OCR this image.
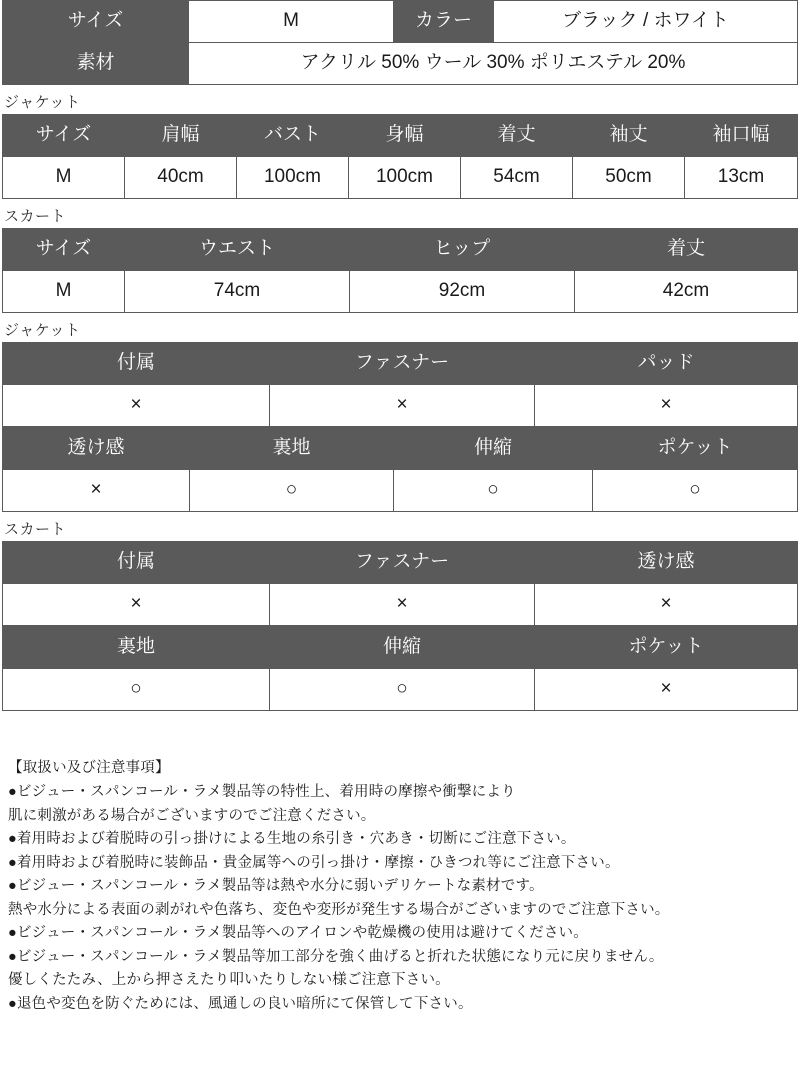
サイズ	M	カラー	ブラック / ホワイト
素材	アクリル 50% ウール 30% ポリエステル 20%		
ジャケット
サイズ	肩幅	バスト	身幅	着丈	袖丈	袖口幅
M	40cm	100cm	100cm	54cm	50cm	13cm
スカート
サイズ	ウエスト	ヒップ	着丈
M	74cm	92cm	42cm
ジャケット
付属	ファスナー	パッド
×	×	×
透け感	裏地	伸縮	ポケット
×	○	○	○
スカート
付属	ファスナー	透け感
×	×	×
裏地	伸縮	ポケット
○	○	×
【取扱い及び注意事項】
●ビジュー・スパンコール・ラメ製品等の特性上、着用時の摩擦や衝撃により
肌に刺激がある場合がございますのでご注意ください。
●着用時および着脱時の引っ掛けによる生地の糸引き・穴あき・切断にご注意下さい。
●着用時および着脱時に装飾品・貴金属等への引っ掛け・摩擦・ひきつれ等にご注意下さい。
●ビジュー・スパンコール・ラメ製品等は熱や水分に弱いデリケートな素材です。
熱や水分による表面の剥がれや色落ち、変色や変形が発生する場合がございますのでご注意下さい。
●ビジュー・スパンコール・ラメ製品等へのアイロンや乾燥機の使用は避けてください。
●ビジュー・スパンコール・ラメ製品等加工部分を強く曲げると折れた状態になり元に戻りません。
優しくたたみ、上から押さえたり叩いたりしない様ご注意下さい。
●退色や変色を防ぐためには、風通しの良い暗所にて保管して下さい。
